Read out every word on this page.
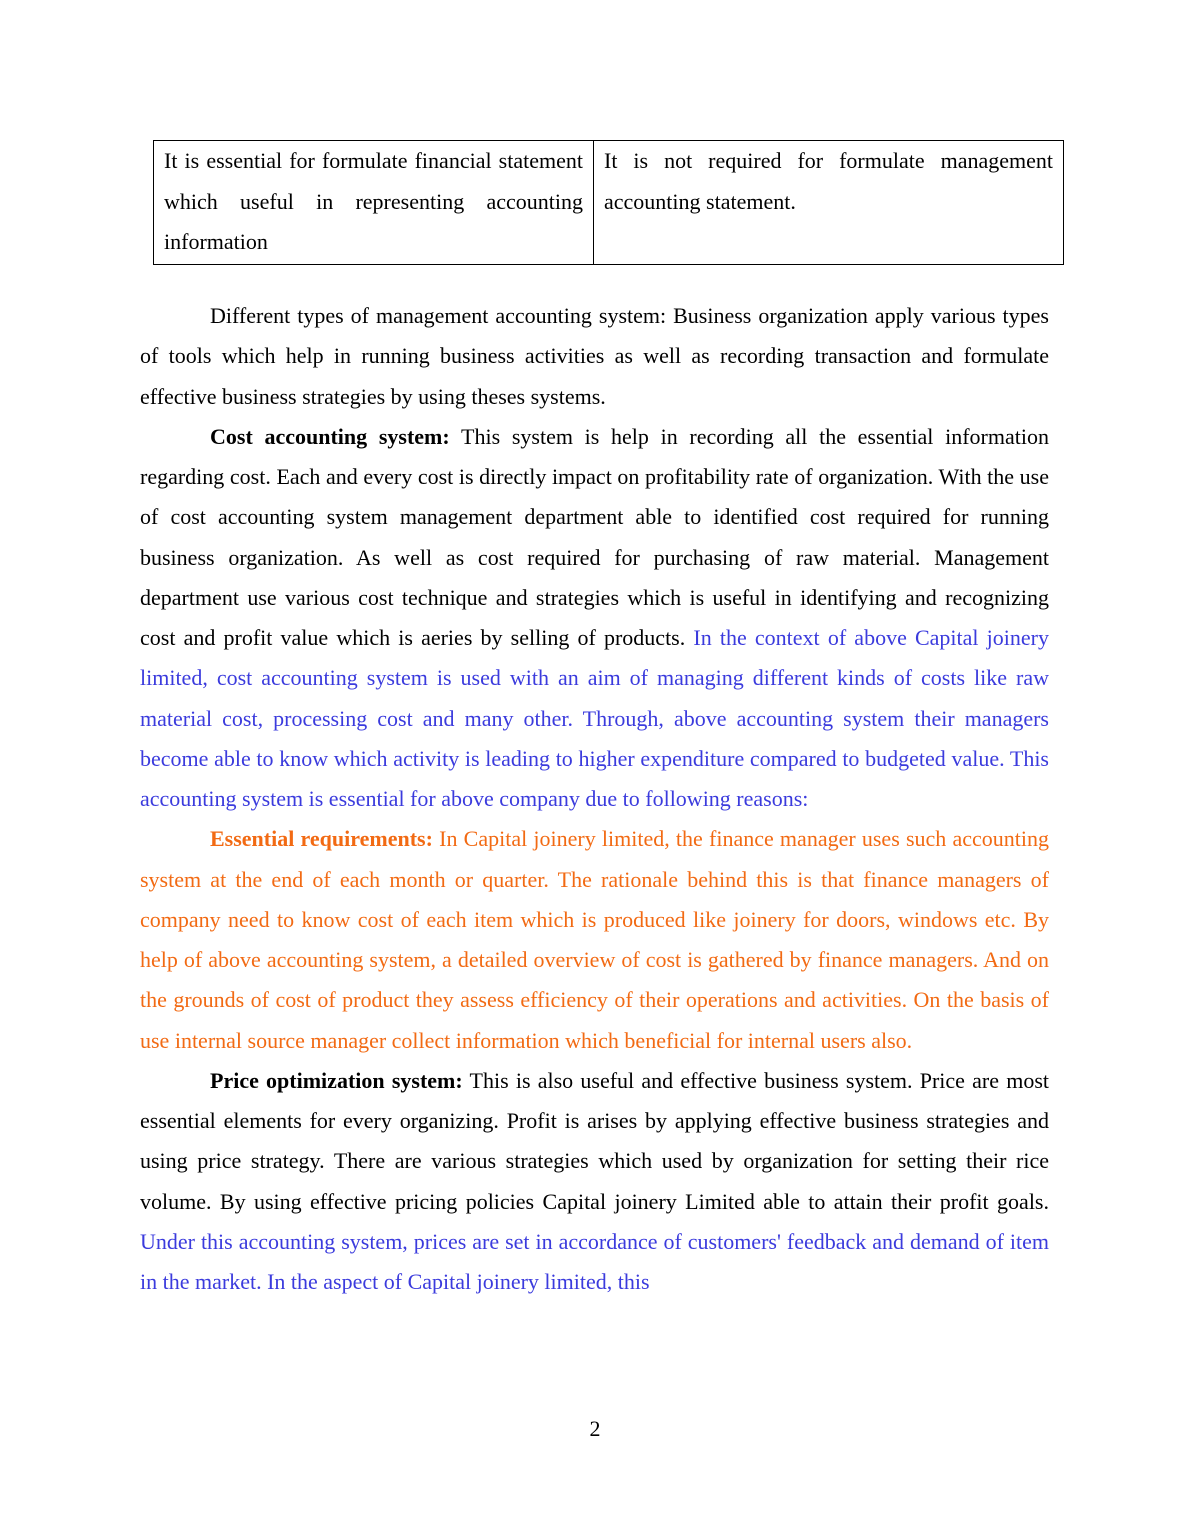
It is essential for formulate financial statement which useful in representing accounting information	It is not required for formulate management accounting statement.

Different types of management accounting system: Business organization apply various types of tools which help in running business activities as well as recording transaction and formulate effective business strategies by using theses systems.

Cost accounting system: This system is help in recording all the essential information regarding cost. Each and every cost is directly impact on profitability rate of organization. With the use of cost accounting system management department able to identified cost required for running business organization. As well as cost required for purchasing of raw material. Management department use various cost technique and strategies which is useful in identifying and recognizing cost and profit value which is aeries by selling of products. In the context of above Capital joinery limited, cost accounting system is used with an aim of managing different kinds of costs like raw material cost, processing cost and many other. Through, above accounting system their managers become able to know which activity is leading to higher expenditure compared to budgeted value. This accounting system is essential for above company due to following reasons:

Essential requirements: In Capital joinery limited, the finance manager uses such accounting system at the end of each month or quarter. The rationale behind this is that finance managers of company need to know cost of each item which is produced like joinery for doors, windows etc. By help of above accounting system, a detailed overview of cost is gathered by finance managers. And on the grounds of cost of product they assess efficiency of their operations and activities. On the basis of use internal source manager collect information which beneficial for internal users also.

Price optimization system: This is also useful and effective business system. Price are most essential elements for every organizing. Profit is arises by applying effective business strategies and using price strategy. There are various strategies which used by organization for setting their rice volume. By using effective pricing policies Capital joinery Limited able to attain their profit goals. Under this accounting system, prices are set in accordance of customers' feedback and demand of item in the market. In the aspect of Capital joinery limited, this

2
